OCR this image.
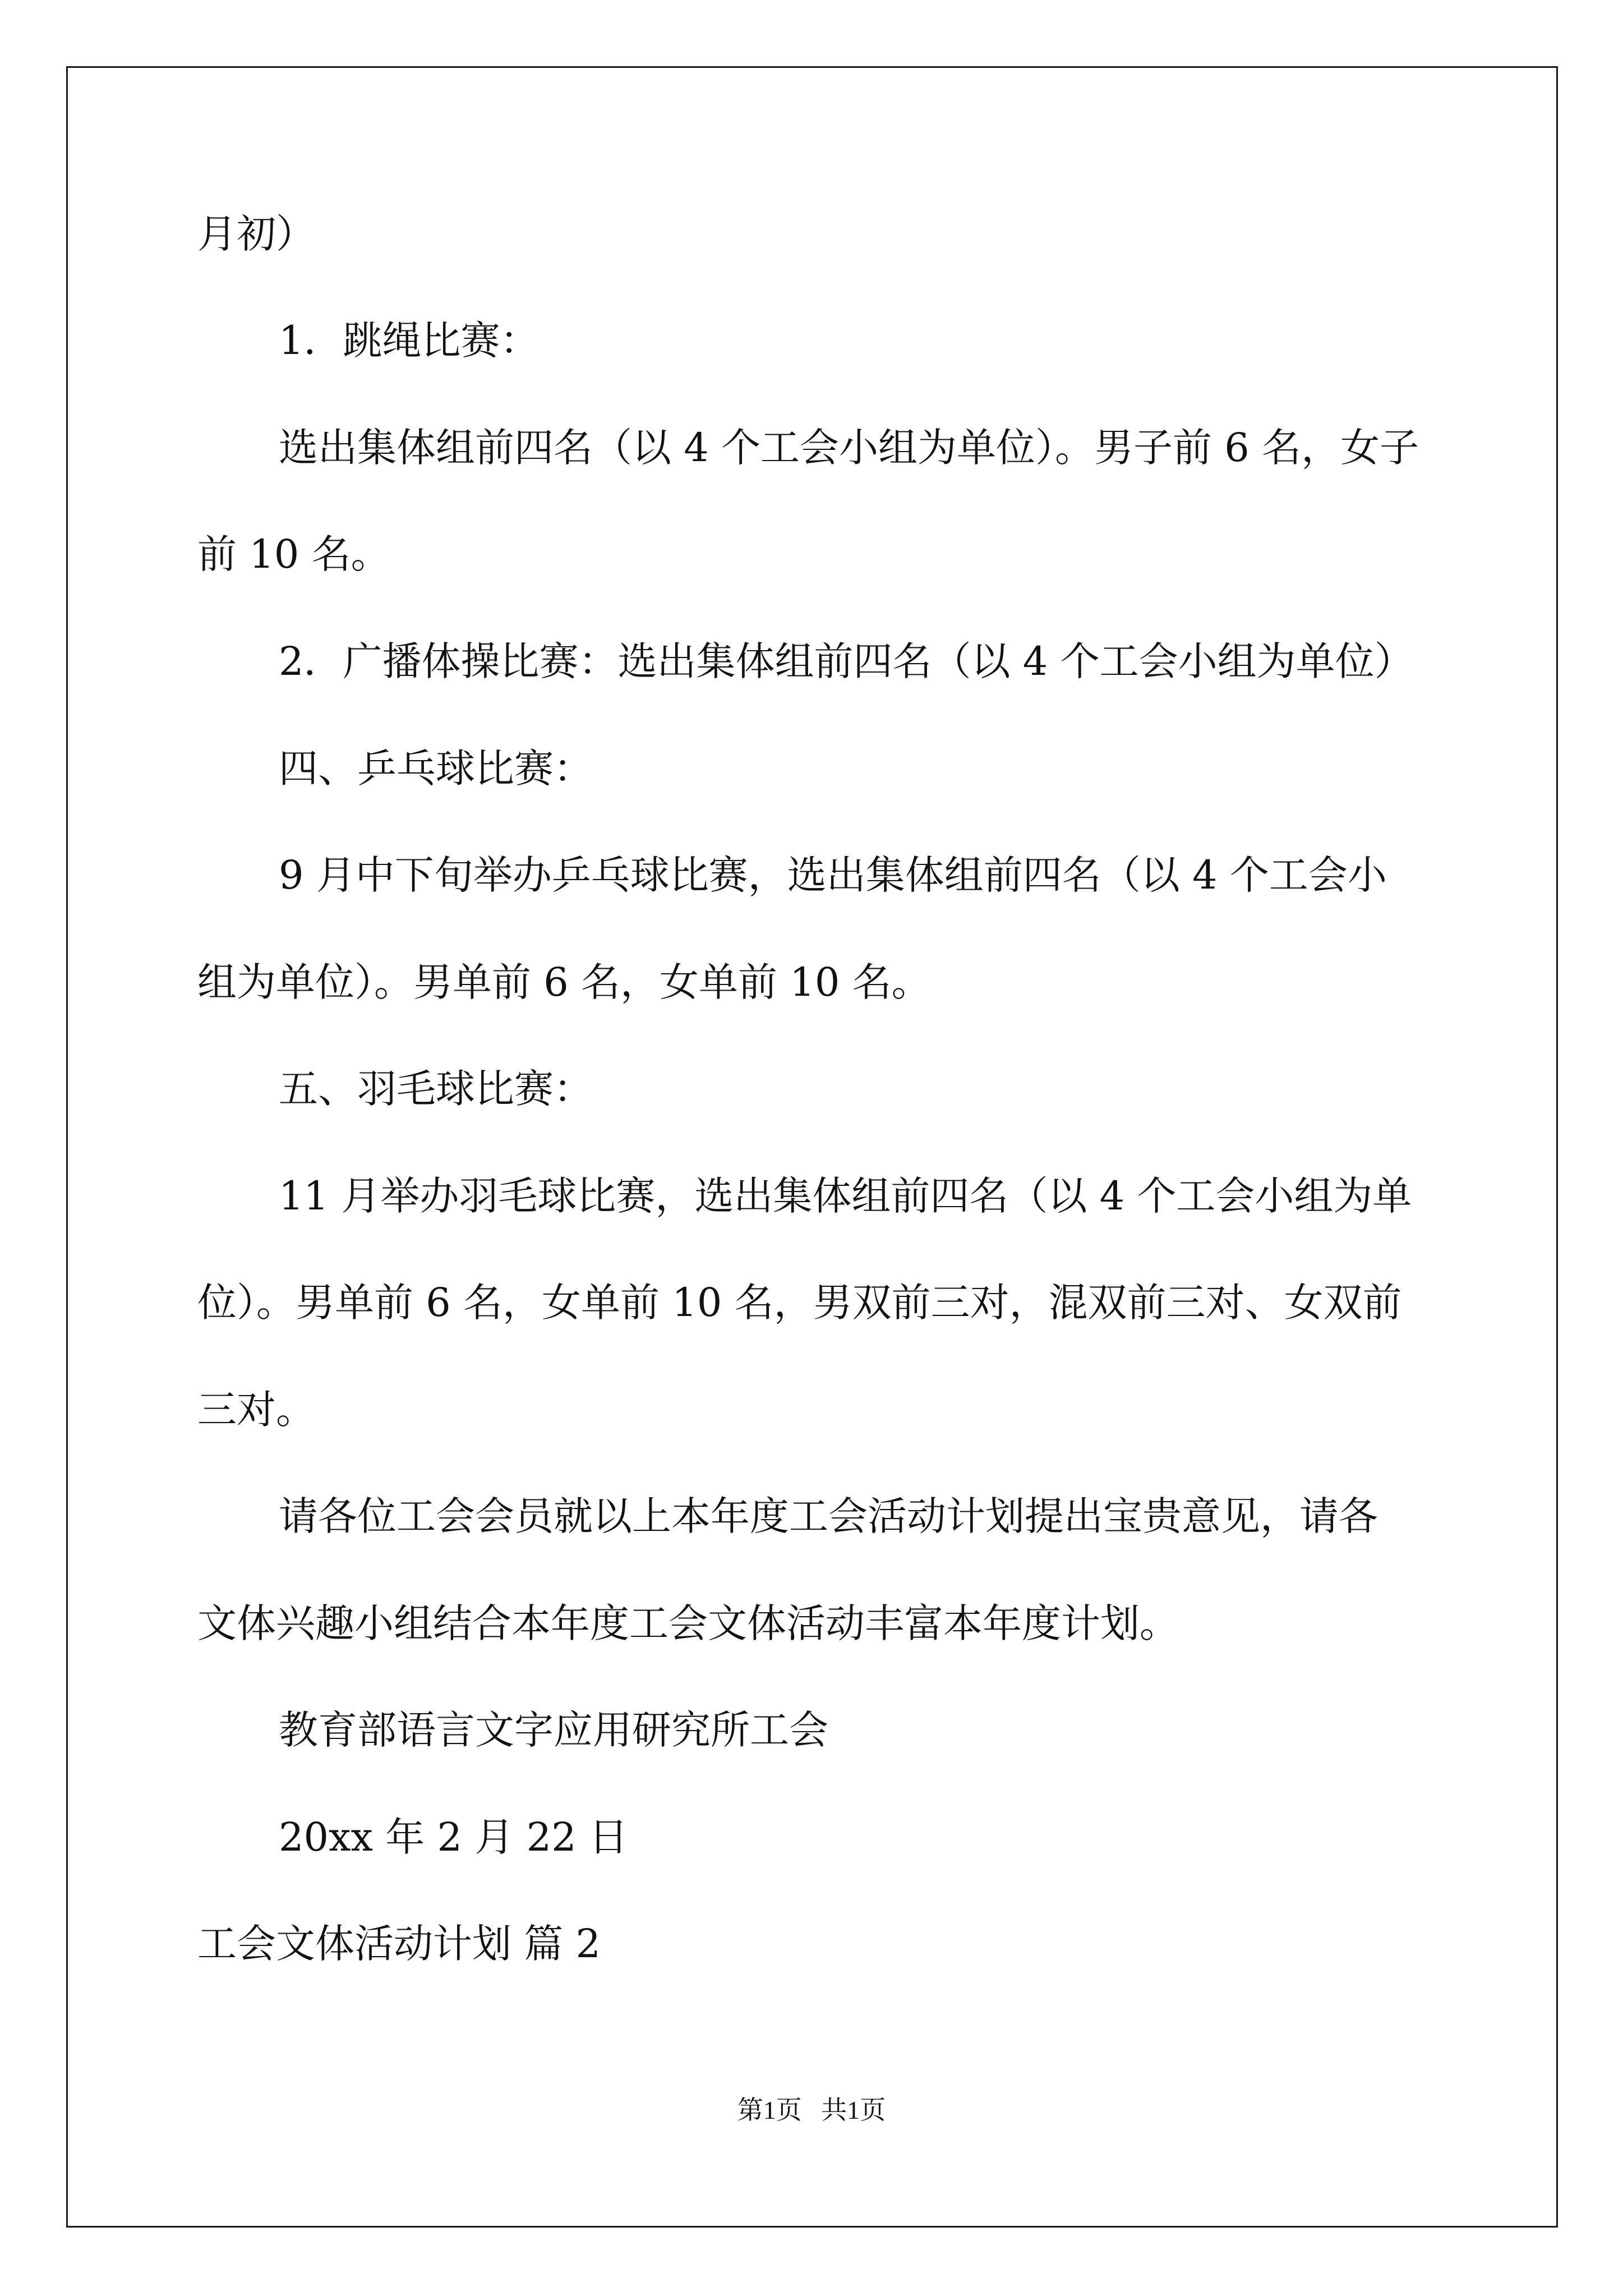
月初）
1．跳绳比赛：
选出集体组前四名（以 4 个工会小组为单位）。男子前 6 名，女子
前 10 名。
2．广播体操比赛：选出集体组前四名（以 4 个工会小组为单位）
四、乒乓球比赛：
9 月中下旬举办乒乓球比赛，选出集体组前四名（以 4 个工会小
组为单位）。男单前 6 名，女单前 10 名。
五、羽毛球比赛：
11 月举办羽毛球比赛，选出集体组前四名（以 4 个工会小组为单
位）。男单前 6 名，女单前 10 名，男双前三对，混双前三对、女双前
三对。
请各位工会会员就以上本年度工会活动计划提出宝贵意见，请各
文体兴趣小组结合本年度工会文体活动丰富本年度计划。
教育部语言文字应用研究所工会
20xx 年 2 月 22 日
工会文体活动计划 篇 2
第1页   共1页
